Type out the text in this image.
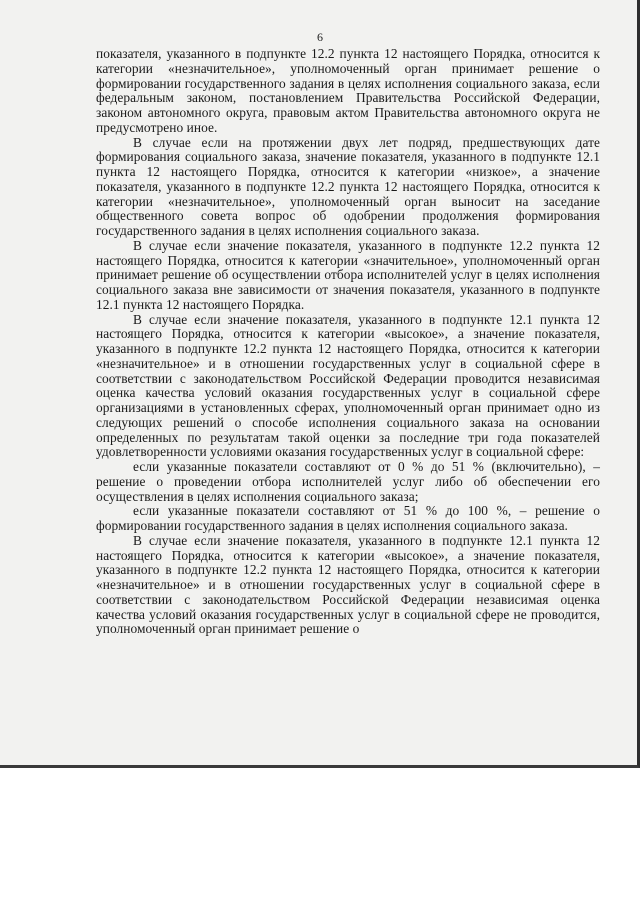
6

показателя, указанного в подпункте 12.2 пункта 12 настоящего Порядка, относится к категории «незначительное», уполномоченный орган принимает решение о формировании государственного задания в целях исполнения социального заказа, если федеральным законом, постановлением Правительства Российской Федерации, законом автономного округа, правовым актом Правительства автономного округа не предусмотрено иное.

В случае если на протяжении двух лет подряд, предшествующих дате формирования социального заказа, значение показателя, указанного в подпункте 12.1 пункта 12 настоящего Порядка, относится к категории «низкое», а значение показателя, указанного в подпункте 12.2 пункта 12 настоящего Порядка, относится к категории «незначительное», уполномоченный орган выносит на заседание общественного совета вопрос об одобрении продолжения формирования государственного задания в целях исполнения социального заказа.

В случае если значение показателя, указанного в подпункте 12.2 пункта 12 настоящего Порядка, относится к категории «значительное», уполномоченный орган принимает решение об осуществлении отбора исполнителей услуг в целях исполнения социального заказа вне зависимости от значения показателя, указанного в подпункте 12.1 пункта 12 настоящего Порядка.

В случае если значение показателя, указанного в подпункте 12.1 пункта 12 настоящего Порядка, относится к категории «высокое», а значение показателя, указанного в подпункте 12.2 пункта 12 настоящего Порядка, относится к категории «незначительное» и в отношении государственных услуг в социальной сфере в соответствии с законодательством Российской Федерации проводится независимая оценка качества условий оказания государственных услуг в социальной сфере организациями в установленных сферах, уполномоченный орган принимает одно из следующих решений о способе исполнения социального заказа на основании определенных по результатам такой оценки за последние три года показателей удовлетворенности условиями оказания государственных услуг в социальной сфере:

если указанные показатели составляют от 0 % до 51 % (включительно), – решение о проведении отбора исполнителей услуг либо об обеспечении его осуществления в целях исполнения социального заказа;

если указанные показатели составляют от 51 % до 100 %, – решение о формировании государственного задания в целях исполнения социального заказа.

В случае если значение показателя, указанного в подпункте 12.1 пункта 12 настоящего Порядка, относится к категории «высокое», а значение показателя, указанного в подпункте 12.2 пункта 12 настоящего Порядка, относится к категории «незначительное» и в отношении государственных услуг в социальной сфере в соответствии с законодательством Российской Федерации независимая оценка качества условий оказания государственных услуг в социальной сфере не проводится, уполномоченный орган принимает решение о
